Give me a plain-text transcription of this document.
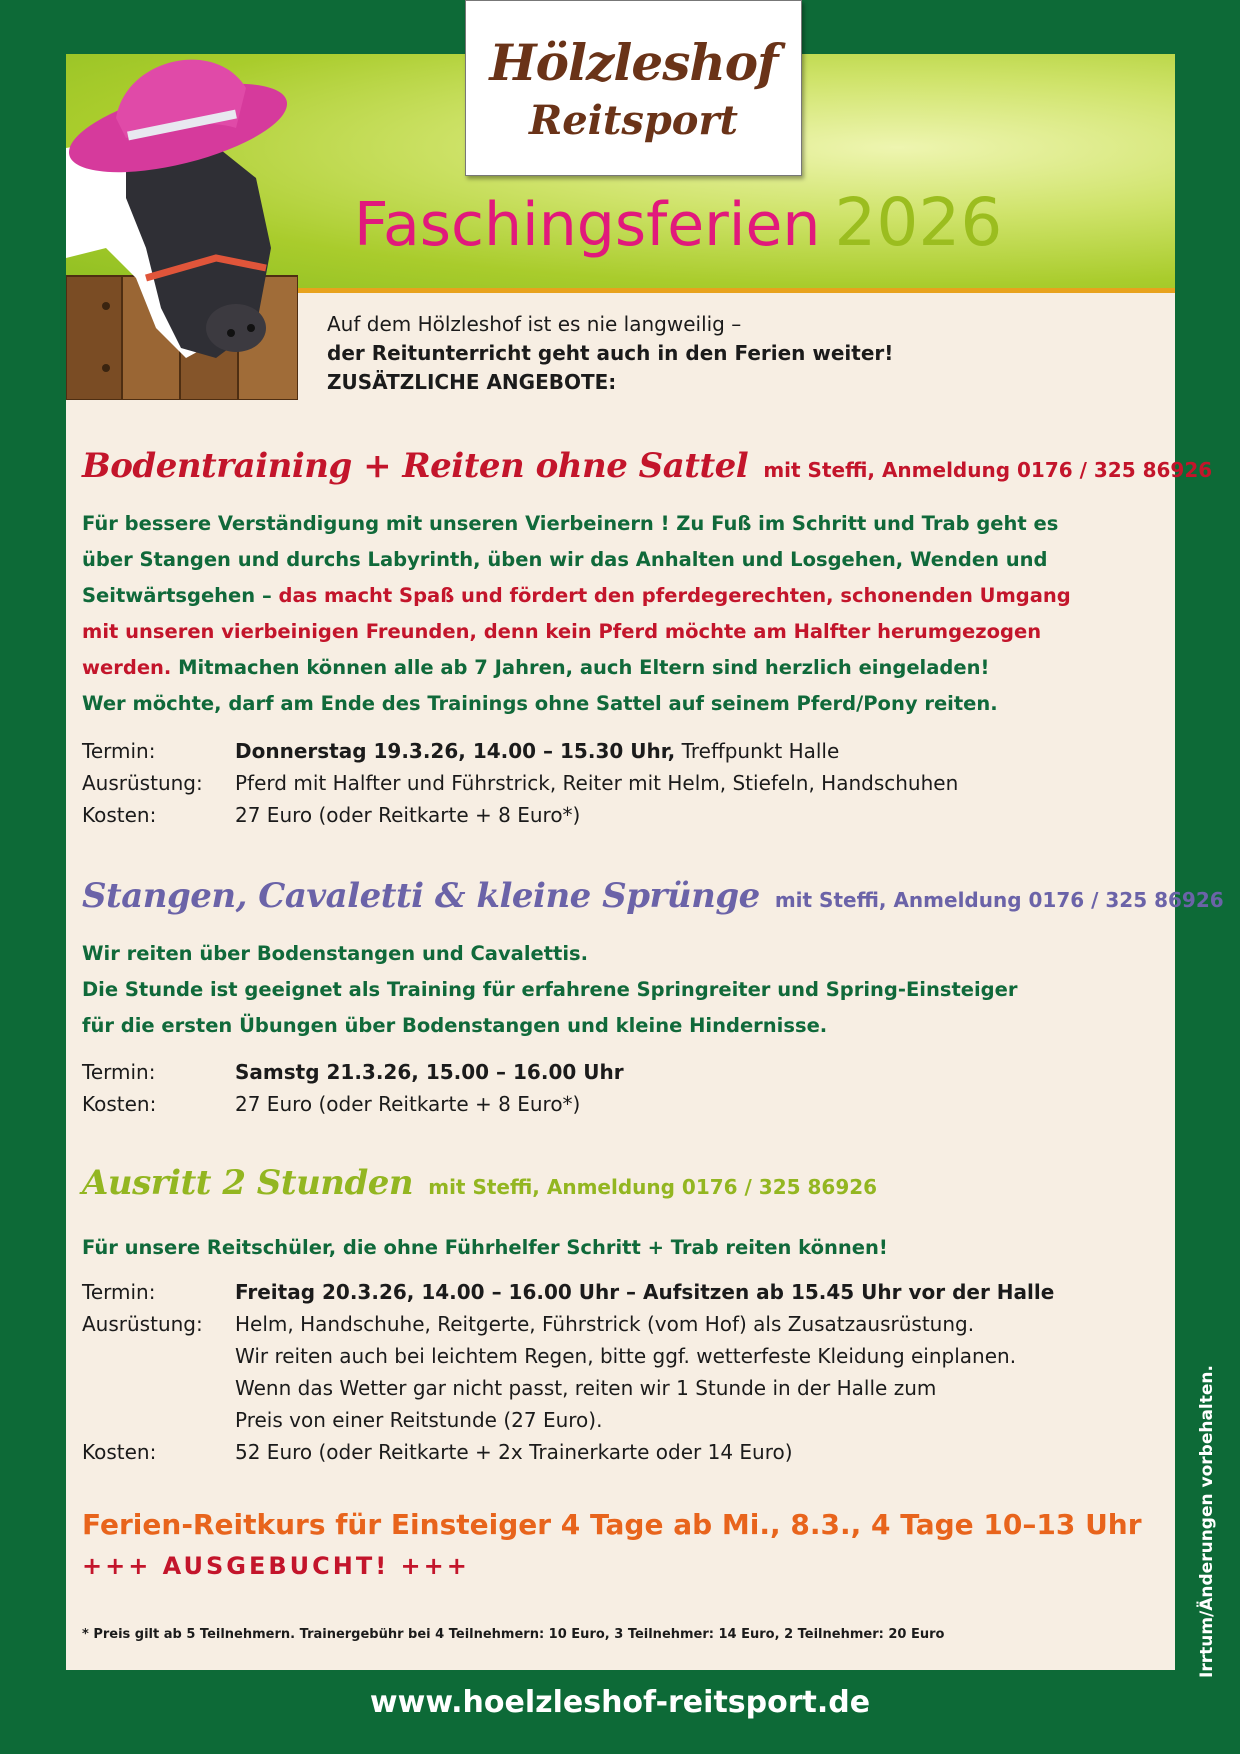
Hölzleshof
Reitsport
Faschingsferien 2026
Auf dem Hölzleshof ist es nie langweilig –
der Reitunterricht geht auch in den Ferien weiter!
ZUSÄTZLICHE ANGEBOTE:
Bodentraining + Reiten ohne Sattel mit Steffi, Anmeldung 0176 / 325 86926
Für bessere Verständigung mit unseren Vierbeinern ! Zu Fuß im Schritt und Trab geht es
über Stangen und durchs Labyrinth, üben wir das Anhalten und Losgehen, Wenden und
Seitwärtsgehen – das macht Spaß und fördert den pferdegerechten, schonenden Umgang
mit unseren vierbeinigen Freunden, denn kein Pferd möchte am Halfter herumgezogen
werden. Mitmachen können alle ab 7 Jahren, auch Eltern sind herzlich eingeladen!
Wer möchte, darf am Ende des Trainings ohne Sattel auf seinem Pferd/Pony reiten.
Termin:	Donnerstag 19.3.26, 14.00 – 15.30 Uhr, Treffpunkt Halle
Ausrüstung: Pferd mit Halfter und Führstrick, Reiter mit Helm, Stiefeln, Handschuhen
Kosten:	27 Euro (oder Reitkarte + 8 Euro*)
Stangen, Cavaletti & kleine Sprünge mit Steffi, Anmeldung 0176 / 325 86926
Wir reiten über Bodenstangen und Cavalettis.
Die Stunde ist geeignet als Training für erfahrene Springreiter und Spring-Einsteiger
für die ersten Übungen über Bodenstangen und kleine Hindernisse.
Termin:	Samstg 21.3.26, 15.00 – 16.00 Uhr
Kosten:	27 Euro (oder Reitkarte + 8 Euro*)
Ausritt 2 Stunden mit Steffi, Anmeldung 0176 / 325 86926
Für unsere Reitschüler, die ohne Führhelfer Schritt + Trab reiten können!
Termin:	Freitag 20.3.26, 14.00 – 16.00 Uhr – Aufsitzen ab 15.45 Uhr vor der Halle
Ausrüstung: Helm, Handschuhe, Reitgerte, Führstrick (vom Hof) als Zusatzausrüstung.
Wir reiten auch bei leichtem Regen, bitte ggf. wetterfeste Kleidung einplanen.
Wenn das Wetter gar nicht passt, reiten wir 1 Stunde in der Halle zum
Preis von einer Reitstunde (27 Euro).
Kosten:	52 Euro (oder Reitkarte + 2x Trainerkarte oder 14 Euro)
Ferien-Reitkurs für Einsteiger 4 Tage ab Mi., 8.3., 4 Tage 10–13 Uhr
+++ AUSGEBUCHT! +++
* Preis gilt ab 5 Teilnehmern. Trainergebühr bei 4 Teilnehmern: 10 Euro, 3 Teilnehmer: 14 Euro, 2 Teilnehmer: 20 Euro
www.hoelzleshof-reitsport.de
Irrtum/Änderungen vorbehalten.
